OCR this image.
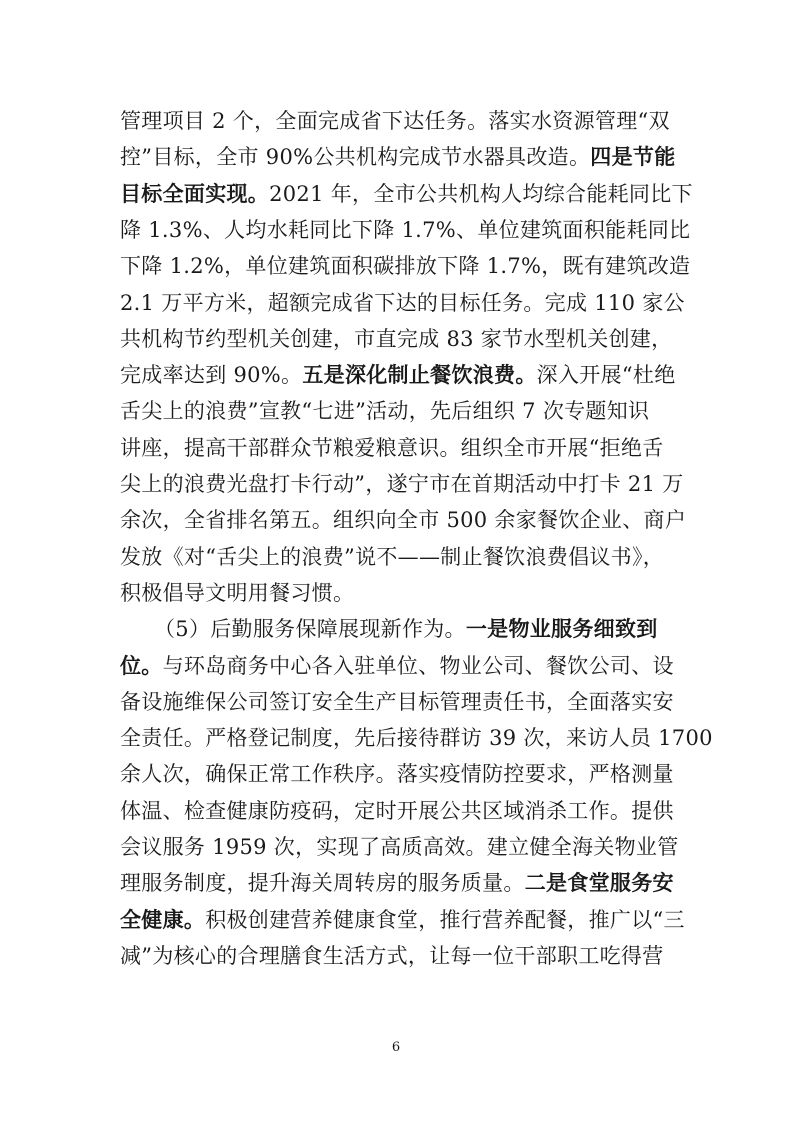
管理项目 2 个，全面完成省下达任务。落实水资源管理“双
控”目标，全市 90%公共机构完成节水器具改造。四是节能
目标全面实现。2021 年，全市公共机构人均综合能耗同比下
降 1.3%、人均水耗同比下降 1.7%、单位建筑面积能耗同比
下降 1.2%，单位建筑面积碳排放下降 1.7%，既有建筑改造
2.1 万平方米，超额完成省下达的目标任务。完成 110 家公
共机构节约型机关创建，市直完成 83 家节水型机关创建，
完成率达到 90%。五是深化制止餐饮浪费。深入开展“杜绝
舌尖上的浪费”宣教“七进”活动，先后组织 7 次专题知识
讲座，提高干部群众节粮爱粮意识。组织全市开展“拒绝舌
尖上的浪费光盘打卡行动”，遂宁市在首期活动中打卡 21 万
余次，全省排名第五。组织向全市 500 余家餐饮企业、商户
发放《对“舌尖上的浪费”说不——制止餐饮浪费倡议书》，
积极倡导文明用餐习惯。
（5）后勤服务保障展现新作为。一是物业服务细致到
位。与环岛商务中心各入驻单位、物业公司、餐饮公司、设
备设施维保公司签订安全生产目标管理责任书，全面落实安
全责任。严格登记制度，先后接待群访 39 次，来访人员 1700
余人次，确保正常工作秩序。落实疫情防控要求，严格测量
体温、检查健康防疫码，定时开展公共区域消杀工作。提供
会议服务 1959 次，实现了高质高效。建立健全海关物业管
理服务制度，提升海关周转房的服务质量。二是食堂服务安
全健康。积极创建营养健康食堂，推行营养配餐，推广以“三
减”为核心的合理膳食生活方式，让每一位干部职工吃得营
6
